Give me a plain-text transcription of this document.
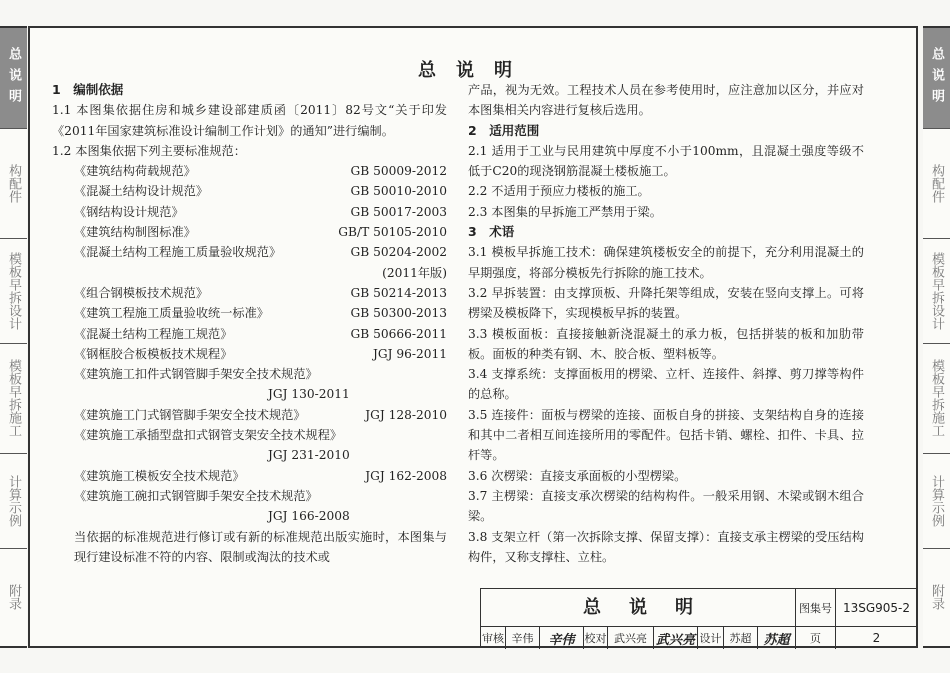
总说明
构配件
模板早拆设计
模板早拆施工
计算示例
附录
总说明
构配件
模板早拆设计
模板早拆施工
计算示例
附录
总说明
1　编制依据
1.1 本图集依据住房和城乡建设部建质函〔2011〕82号文“关于印发《2011年国家建筑标准设计编制工作计划》的通知”进行编制。
1.2 本图集依据下列主要标准规范：
《建筑结构荷载规范》	GB 50009-2012
《混凝土结构设计规范》	GB 50010-2010
《钢结构设计规范》	GB 50017-2003
《建筑结构制图标准》	GB/T 50105-2010
《混凝土结构工程施工质量验收规范》	GB 50204-2002
(2011年版)
《组合钢模板技术规范》	GB 50214-2013
《建筑工程施工质量验收统一标准》	GB 50300-2013
《混凝土结构工程施工规范》	GB 50666-2011
《钢框胶合板模板技术规程》	JGJ 96-2011
《建筑施工扣件式钢管脚手架安全技术规范》
JGJ 130-2011
《建筑施工门式钢管脚手架安全技术规范》	JGJ 128-2010
《建筑施工承插型盘扣式钢管支架安全技术规程》
JGJ 231-2010
《建筑施工模板安全技术规范》	JGJ 162-2008
《建筑施工碗扣式钢管脚手架安全技术规范》
JGJ 166-2008
当依据的标准规范进行修订或有新的标准规范出版实施时，本图集与现行建设标准不符的内容、限制或淘汰的技术或
产品，视为无效。工程技术人员在参考使用时，应注意加以区分，并应对本图集相关内容进行复核后选用。
2　适用范围
2.1 适用于工业与民用建筑中厚度不小于100mm，且混凝土强度等级不低于C20的现浇钢筋混凝土楼板施工。
2.2 不适用于预应力楼板的施工。
2.3 本图集的早拆施工严禁用于梁。
3　术语
3.1 模板早拆施工技术：确保建筑楼板安全的前提下，充分利用混凝土的早期强度，将部分模板先行拆除的施工技术。
3.2 早拆装置：由支撑顶板、升降托架等组成，安装在竖向支撑上。可将楞梁及模板降下，实现模板早拆的装置。
3.3 模板面板：直接接触新浇混凝土的承力板，包括拼装的板和加肋带板。面板的种类有钢、木、胶合板、塑料板等。
3.4 支撑系统：支撑面板用的楞梁、立杆、连接件、斜撑、剪刀撑等构件的总称。
3.5 连接件：面板与楞梁的连接、面板自身的拼接、支架结构自身的连接和其中二者相互间连接所用的零配件。包括卡销、螺栓、扣件、卡具、拉杆等。
3.6 次楞梁：直接支承面板的小型楞梁。
3.7 主楞梁：直接支承次楞梁的结构构件。一般采用钢、木梁或钢木组合梁。
3.8 支架立杆（第一次拆除支撑、保留支撑）：直接支承主楞梁的受压结构构件，又称支撑柱、立柱。
总说明	图集号 13SG905-2
审核 辛伟	辛伟 校对 武兴亮 武兴亮 设计 苏超 苏超	页	2
